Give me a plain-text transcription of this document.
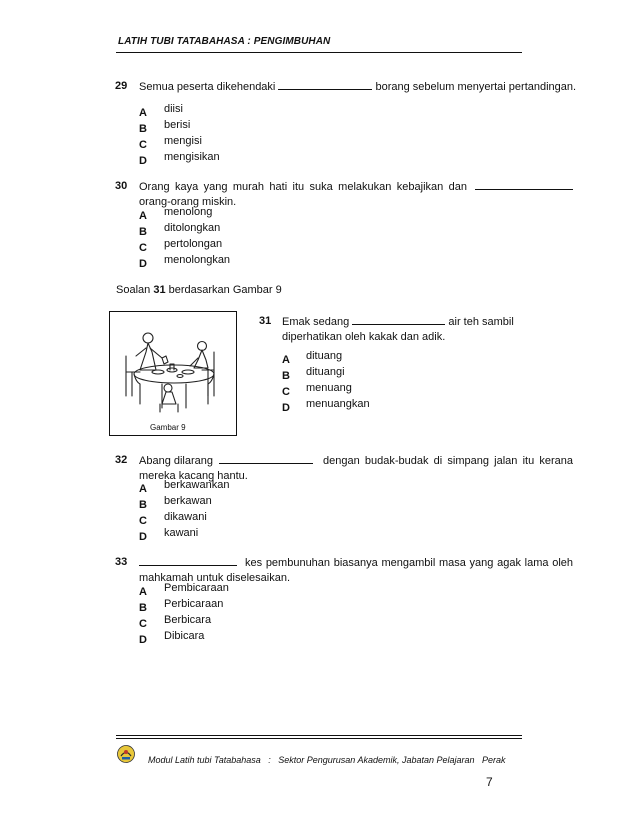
LATIH TUBI TATABAHASA : PENGIMBUHAN
29 Semua peserta dikehendaki	borang sebelum menyertai pertandingan.
A diisi
B berisi
C mengisi
D mengisikan
30 Orang kaya yang murah hati itu suka melakukan kebajikan dan
orang-orang miskin.
A menolong
B ditolongkan
C pertolongan
D menolongkan
Soalan 31 berdasarkan Gambar 9
Gambar 9
31 Emak sedang	air teh sambil
diperhatikan oleh kakak dan adik.
A dituang
B dituangi
C menuang
D menuangkan
32 Abang dilarang	dengan budak-budak di simpang jalan itu kerana
mereka kacang hantu.
A berkawankan
B berkawan
C dikawani
D kawani
33	kes pembunuhan biasanya mengambil masa yang agak lama oleh
mahkamah untuk diselesaikan.
A Pembicaraan
B Perbicaraan
C Berbicara
D Dibicara
Modul Latih tubi Tatabahasa   :   Sektor Pengurusan Akademik, Jabatan Pelajaran   Perak
7
